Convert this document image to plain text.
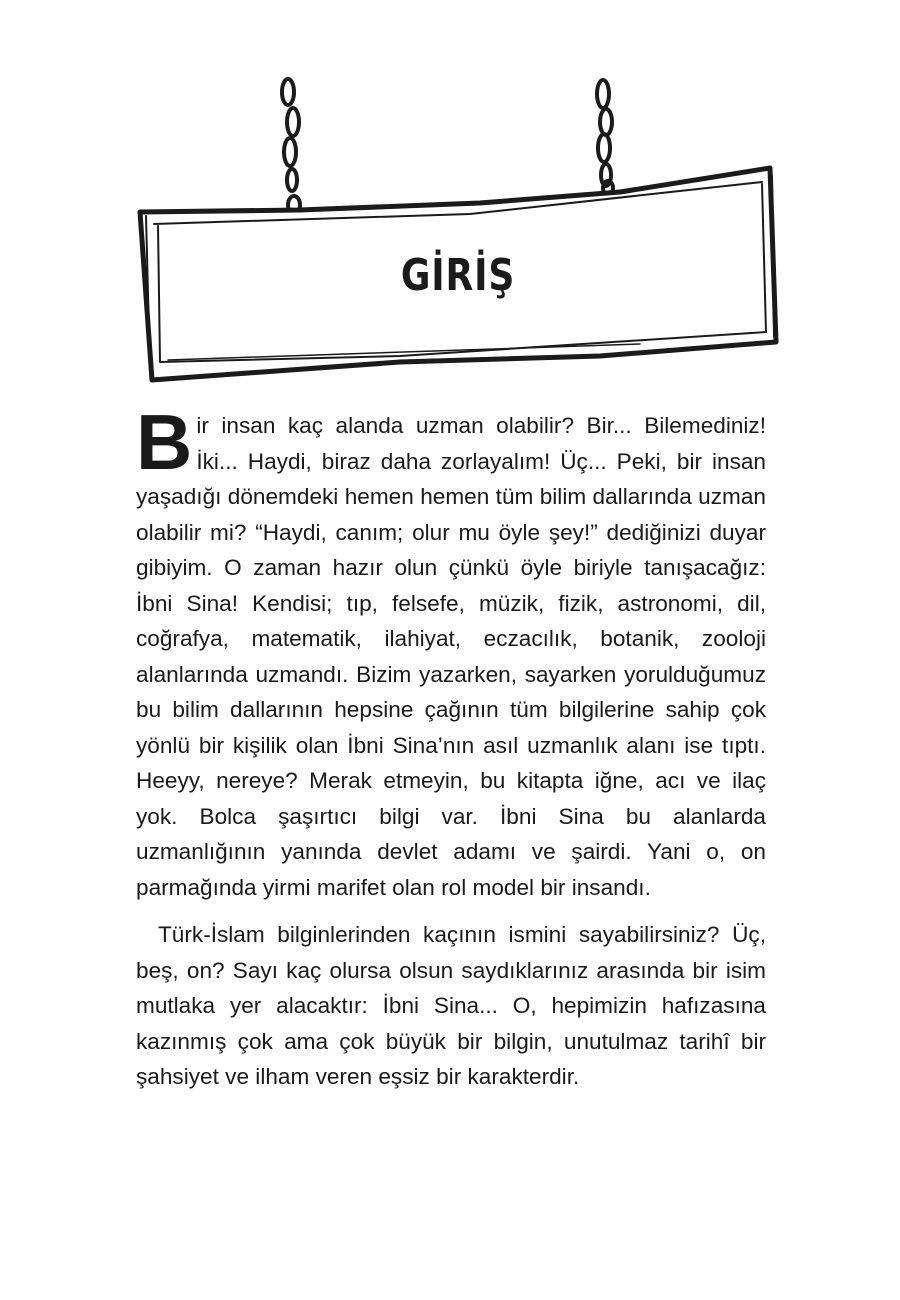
GİRİŞ

Bir insan kaç alanda uzman olabilir? Bir... Bilemediniz! İki... Haydi, biraz daha zorlayalım! Üç... Peki, bir insan yaşadığı dönemdeki hemen hemen tüm bilim dallarında uzman olabilir mi? “Haydi, canım; olur mu öyle şey!” dediğinizi duyar gibiyim. O zaman hazır olun çünkü öyle biriyle tanışacağız: İbni Sina! Kendisi; tıp, felsefe, müzik, fizik, astronomi, dil, coğrafya, matematik, ilahiyat, eczacılık, botanik, zooloji alanlarında uzmandı. Bizim yazarken, sayarken yorulduğumuz bu bilim dallarının hepsine çağının tüm bilgilerine sahip çok yönlü bir kişilik olan İbni Sina’nın asıl uzmanlık alanı ise tıptı. Heeyy, nereye? Merak etmeyin, bu kitapta iğne, acı ve ilaç yok. Bolca şaşırtıcı bilgi var. İbni Sina bu alanlarda uzmanlığının yanında devlet adamı ve şairdi. Yani o, on parmağında yirmi marifet olan rol model bir insandı.

Türk-İslam bilginlerinden kaçının ismini sayabilirsiniz? Üç, beş, on? Sayı kaç olursa olsun saydıklarınız arasında bir isim mutlaka yer alacaktır: İbni Sina... O, hepimizin hafızasına kazınmış çok ama çok büyük bir bilgin, unutulmaz tarihî bir şahsiyet ve ilham veren eşsiz bir karakterdir.
